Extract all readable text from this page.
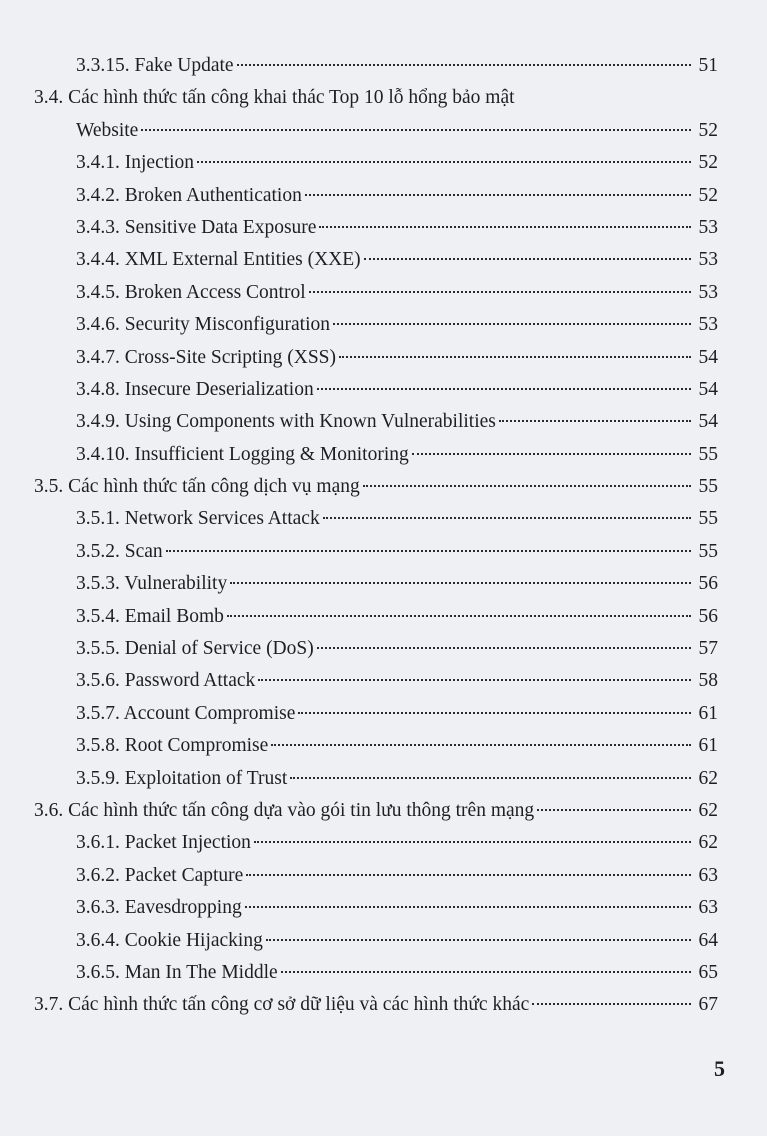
3.3.15. Fake Update	51
3.4. Các hình thức tấn công khai thác Top 10 lỗ hổng bảo mật
Website	52
3.4.1. Injection	52
3.4.2. Broken Authentication	52
3.4.3. Sensitive Data Exposure	53
3.4.4. XML External Entities (XXE)	53
3.4.5. Broken Access Control	53
3.4.6. Security Misconfiguration	53
3.4.7. Cross-Site Scripting (XSS)	54
3.4.8. Insecure Deserialization	54
3.4.9. Using Components with Known Vulnerabilities	54
3.4.10. Insufficient Logging & Monitoring	55
3.5. Các hình thức tấn công dịch vụ mạng	55
3.5.1. Network Services Attack	55
3.5.2. Scan	55
3.5.3. Vulnerability	56
3.5.4. Email Bomb	56
3.5.5. Denial of Service (DoS)	57
3.5.6. Password Attack	58
3.5.7. Account Compromise	61
3.5.8. Root Compromise	61
3.5.9. Exploitation of Trust	62
3.6. Các hình thức tấn công dựa vào gói tin lưu thông trên mạng	62
3.6.1. Packet Injection	62
3.6.2. Packet Capture	63
3.6.3. Eavesdropping	63
3.6.4. Cookie Hijacking	64
3.6.5. Man In The Middle	65
3.7. Các hình thức tấn công cơ sở dữ liệu và các hình thức khác	67
5
